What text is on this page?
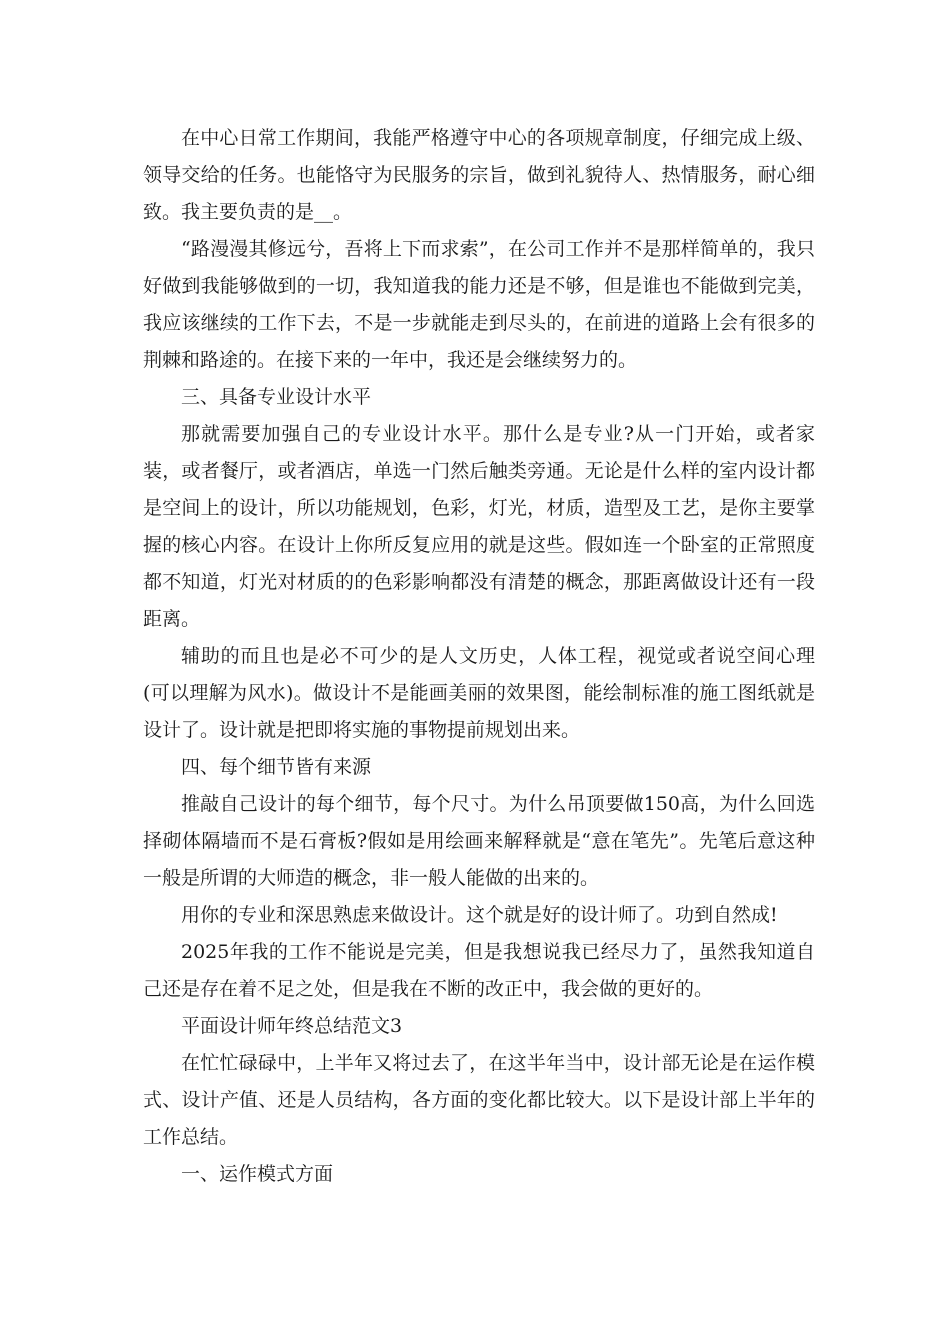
在中心日常工作期间，我能严格遵守中心的各项规章制度，仔细完成上级、领导交给的任务。也能恪守为民服务的宗旨，做到礼貌待人、热情服务，耐心细致。我主要负责的是__。

“路漫漫其修远兮，吾将上下而求索”，在公司工作并不是那样简单的，我只好做到我能够做到的一切，我知道我的能力还是不够，但是谁也不能做到完美，我应该继续的工作下去，不是一步就能走到尽头的，在前进的道路上会有很多的荆棘和路途的。在接下来的一年中，我还是会继续努力的。

三、具备专业设计水平

那就需要加强自己的专业设计水平。那什么是专业?从一门开始，或者家装，或者餐厅，或者酒店，单选一门然后触类旁通。无论是什么样的室内设计都是空间上的设计，所以功能规划，色彩，灯光，材质，造型及工艺，是你主要掌握的核心内容。在设计上你所反复应用的就是这些。假如连一个卧室的正常照度都不知道，灯光对材质的的色彩影响都没有清楚的概念，那距离做设计还有一段距离。

辅助的而且也是必不可少的是人文历史，人体工程，视觉或者说空间心理(可以理解为风水)。做设计不是能画美丽的效果图，能绘制标准的施工图纸就是设计了。设计就是把即将实施的事物提前规划出来。

四、每个细节皆有来源

推敲自己设计的每个细节，每个尺寸。为什么吊顶要做150高，为什么回选择砌体隔墙而不是石膏板?假如是用绘画来解释就是“意在笔先”。先笔后意这种一般是所谓的大师造的概念，非一般人能做的出来的。

用你的专业和深思熟虑来做设计。这个就是好的设计师了。功到自然成!

2025年我的工作不能说是完美，但是我想说我已经尽力了，虽然我知道自己还是存在着不足之处，但是我在不断的改正中，我会做的更好的。

平面设计师年终总结范文3

在忙忙碌碌中，上半年又将过去了，在这半年当中，设计部无论是在运作模式、设计产值、还是人员结构，各方面的变化都比较大。以下是设计部上半年的工作总结。

一、运作模式方面
